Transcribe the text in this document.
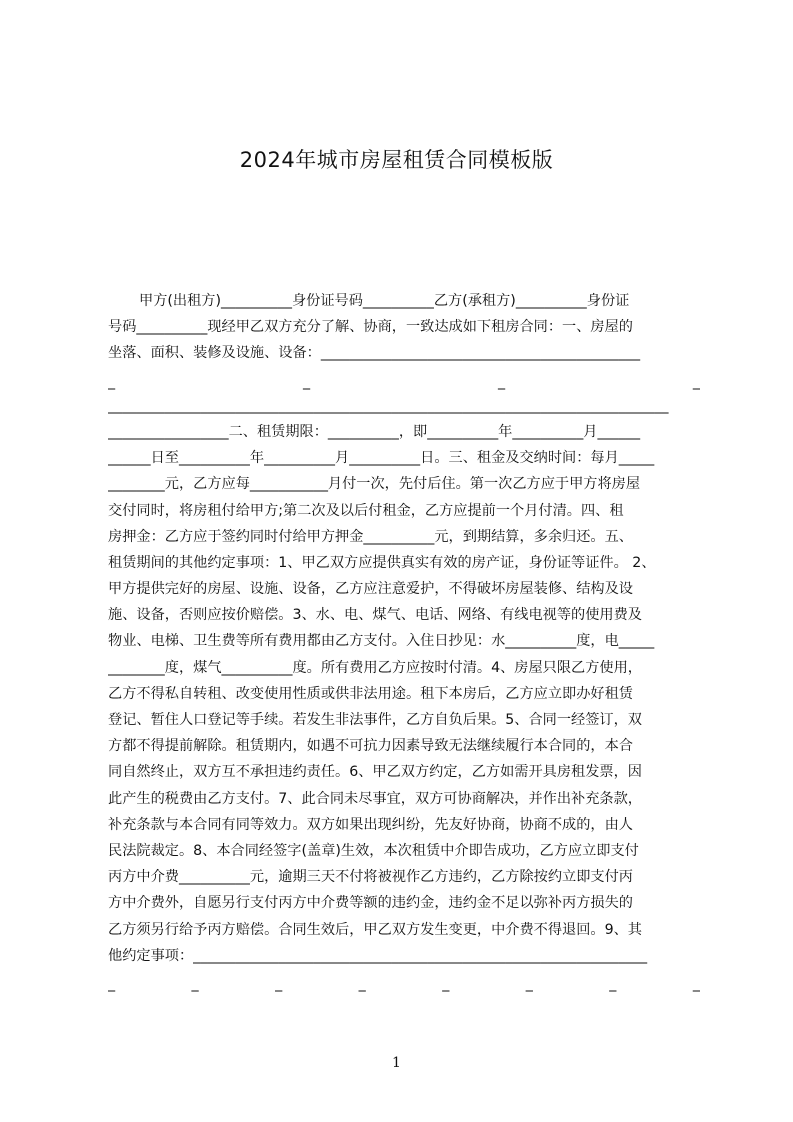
2024年城市房屋租赁合同模板版
甲方(出租方)__________身份证号码__________乙方(承租方)__________身份证
号码__________现经甲乙双方充分了解、协商，一致达成如下租房合同：一、房屋的
坐落、面积、装修及设施、设备：_____________________________________________
_	_	_	_
_______________________________________________________________________________
_________________二、租赁期限：__________，即__________年__________月______
______日至__________年__________月__________日。三、租金及交纳时间：每月_____
________元，乙方应每___________月付一次，先付后住。第一次乙方应于甲方将房屋
交付同时，将房租付给甲方;第二次及以后付租金，乙方应提前一个月付清。四、租
房押金：乙方应于签约同时付给甲方押金__________元，到期结算，多余归还。五、
租赁期间的其他约定事项：1、甲乙双方应提供真实有效的房产证，身份证等证件。 2、
甲方提供完好的房屋、设施、设备，乙方应注意爱护，不得破坏房屋装修、结构及设
施、设备，否则应按价赔偿。3、水、电、煤气、电话、网络、有线电视等的使用费及
物业、电梯、卫生费等所有费用都由乙方支付。入住日抄见：水__________度，电_____
________度，煤气__________度。所有费用乙方应按时付清。4、房屋只限乙方使用，
乙方不得私自转租、改变使用性质或供非法用途。租下本房后，乙方应立即办好租赁
登记、暂住人口登记等手续。若发生非法事件，乙方自负后果。5、合同一经签订，双
方都不得提前解除。租赁期内，如遇不可抗力因素导致无法继续履行本合同的，本合
同自然终止，双方互不承担违约责任。6、甲乙双方约定，乙方如需开具房租发票，因
此产生的税费由乙方支付。7、此合同未尽事宜，双方可协商解决，并作出补充条款，
补充条款与本合同有同等效力。双方如果出现纠纷，先友好协商，协商不成的，由人
民法院裁定。8、本合同经签字(盖章)生效，本次租赁中介即告成功，乙方应立即支付
丙方中介费__________元，逾期三天不付将被视作乙方违约，乙方除按约立即支付丙
方中介费外，自愿另行支付丙方中介费等额的违约金，违约金不足以弥补丙方损失的
乙方须另行给予丙方赔偿。合同生效后，甲乙双方发生变更，中介费不得退回。9、其
他约定事项：________________________________________________________________
_	_	_	_	_	_	_	_
1
